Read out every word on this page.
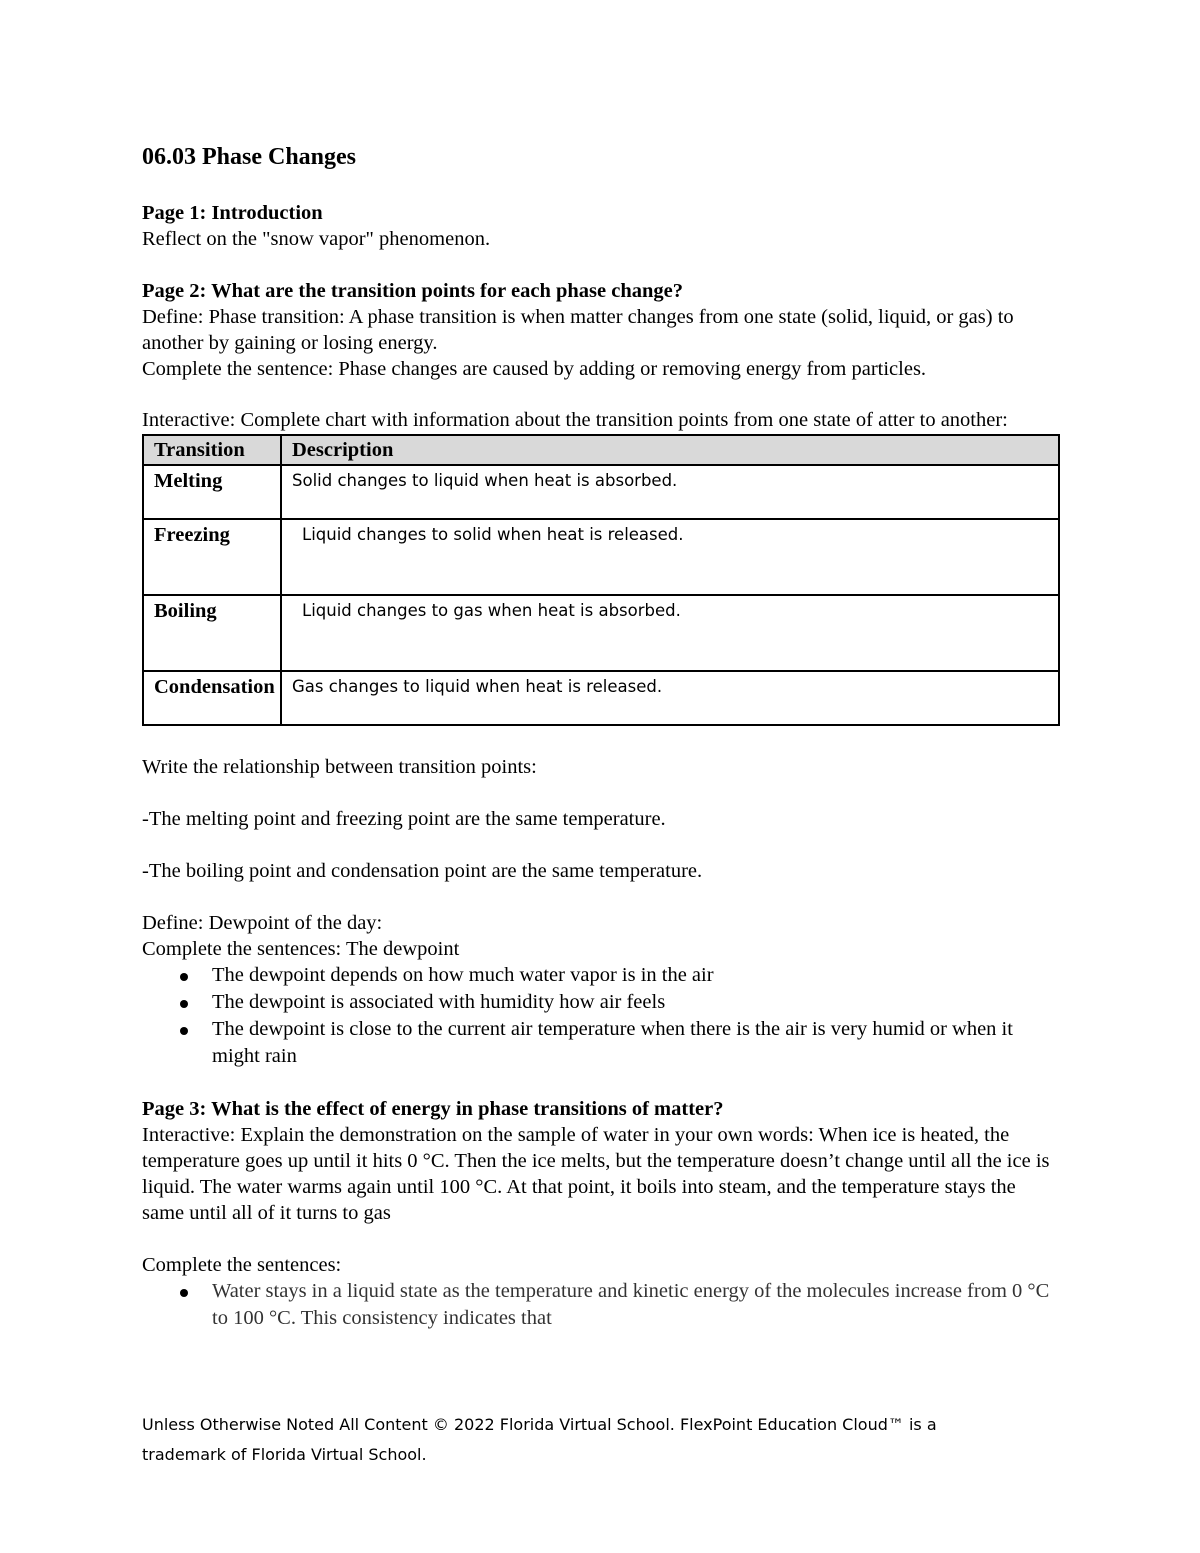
06.03 Phase Changes

Page 1: Introduction

Reflect on the "snow vapor" phenomenon.

Page 2: What are the transition points for each phase change?

Define: Phase transition: A phase transition is when matter changes from one state (solid, liquid, or gas) to another by gaining or losing energy.

Complete the sentence: Phase changes are caused by adding or removing energy from particles.

Interactive: Complete chart with information about the transition points from one state of atter to another:

Transition	Description
Melting	Solid changes to liquid when heat is absorbed.
Freezing	Liquid changes to solid when heat is released.
Boiling	Liquid changes to gas when heat is absorbed.
Condensation	Gas changes to liquid when heat is released.

Write the relationship between transition points:

-The melting point and freezing point are the same temperature.

-The boiling point and condensation point are the same temperature.

Define: Dewpoint of the day:

Complete the sentences: The dewpoint

The dewpoint depends on how much water vapor is in the air
The dewpoint is associated with humidity how air feels
The dewpoint is close to the current air temperature when there is the air is very humid or when it might rain

Page 3: What is the effect of energy in phase transitions of matter?

Interactive: Explain the demonstration on the sample of water in your own words: When ice is heated, the temperature goes up until it hits 0 °C. Then the ice melts, but the temperature doesn’t change until all the ice is liquid. The water warms again until 100 °C. At that point, it boils into steam, and the temperature stays the same until all of it turns to gas

Complete the sentences:

Water stays in a liquid state as the temperature and kinetic energy of the molecules increase from 0 °C to 100 °C. This consistency indicates that
Unless Otherwise Noted All Content © 2022 Florida Virtual School. FlexPoint Education Cloud™ is a
trademark of Florida Virtual School.
